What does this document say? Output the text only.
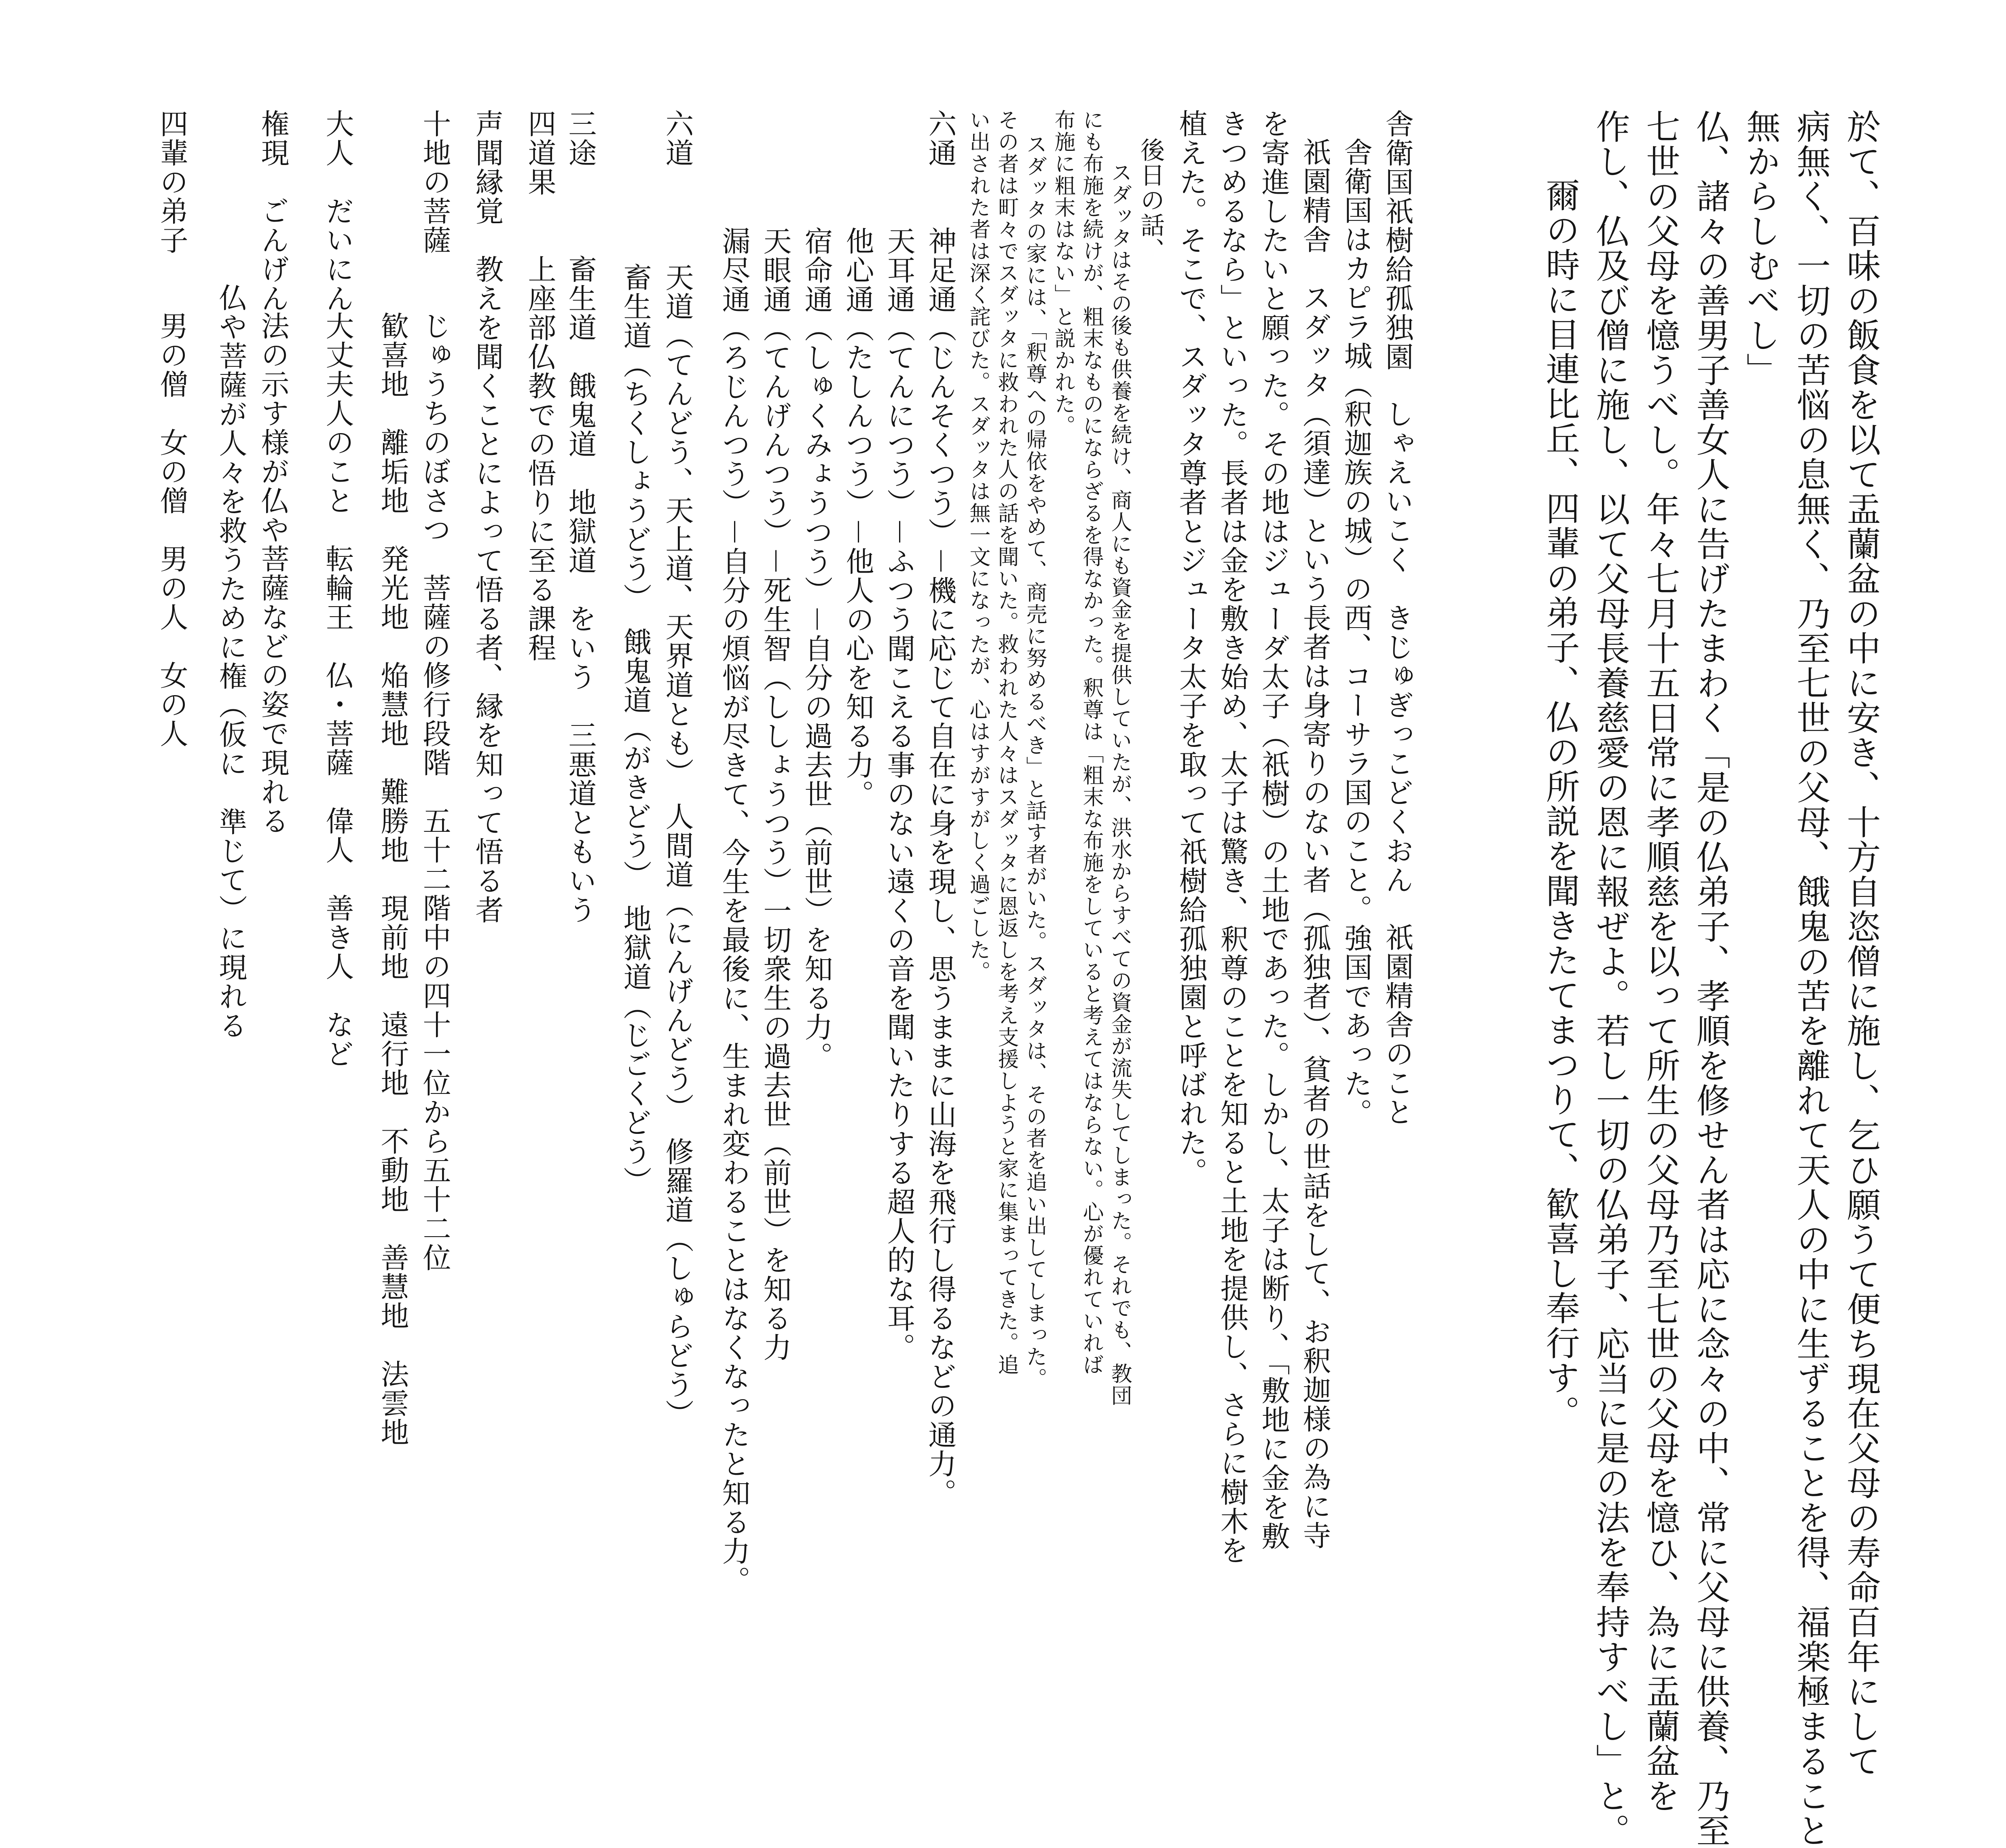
於て、百味の飯食を以て盂蘭盆の中に安き、十方自恣僧に施し、乞ひ願うて便ち現在父母の寿命百年にして
病無く、一切の苦悩の息無く、乃至七世の父母、餓鬼の苦を離れて天人の中に生ずることを得、福楽極まること
無からしむべし」
仏、諸々の善男子善女人に告げたまわく「是の仏弟子、孝順を修せん者は応に念々の中、常に父母に供養、乃至
七世の父母を憶うべし。年々七月十五日常に孝順慈を以って所生の父母乃至七世の父母を憶ひ、為に盂蘭盆を
作し、仏及び僧に施し、以て父母長養慈愛の恩に報ぜよ。若し一切の仏弟子、応当に是の法を奉持すべし」と。
爾の時に目連比丘、四輩の弟子、仏の所説を聞きたてまつりて、歓喜し奉行す。
舎衛国祇樹給孤独園しゃえいこく　きじゅぎっこどくおん祇園精舎のこと
舎衛国はカピラ城（釈迦族の城）の西、コーサラ国のこと。強国であった。
祇園精舎　スダッタ（須達）という長者は身寄りのない者（孤独者）、貧者の世話をして、お釈迦様の為に寺
を寄進したいと願った。その地はジューダ太子（祇樹）の土地であった。しかし、太子は断り、「敷地に金を敷
きつめるなら」といった。長者は金を敷き始め、太子は驚き、釈尊のことを知ると土地を提供し、さらに樹木を
植えた。そこで、スダッタ尊者とジュータ太子を取って祇樹給孤独園と呼ばれた。
後日の話、
スダッタはその後も供養を続け、商人にも資金を提供していたが、洪水からすべての資金が流失してしまった。それでも、教団
にも布施を続けが、粗末なものにならざるを得なかった。釈尊は「粗末な布施をしていると考えてはならない。心が優れていれば
布施に粗末はない」と説かれた。
スダッタの家には、「釈尊への帰依をやめて、商売に努めるべき」と話す者がいた。スダッタは、その者を追い出してしまった。
その者は町々でスダッタに救われた人の話を聞いた。救われた人々はスダッタに恩返しを考え支援しようと家に集まってきた。追
い出された者は深く詫びた。スダッタは無一文になったが、心はすがすがしく過ごした。
六通
神足通（じんそくつう）－機に応じて自在に身を現し、思うままに山海を飛行し得るなどの通力。
天耳通（てんにつう）－ふつう聞こえる事のない遠くの音を聞いたりする超人的な耳。
他心通（たしんつう）－他人の心を知る力。
宿命通（しゅくみょうつう）－自分の過去世（前世）を知る力。
天眼通（てんげんつう）－死生智（ししょうつう）一切衆生の過去世（前世）を知る力
漏尽通（ろじんつう）－自分の煩悩が尽きて、今生を最後に、生まれ変わることはなくなったと知る力。
六道
天道（てんどう、天上道、天界道とも）　人間道（にんげんどう）　修羅道（しゅらどう）
畜生道（ちくしょうどう）　餓鬼道（がきどう）　地獄道（じごくどう）
三途
畜生道　餓鬼道　地獄道　をいう　三悪道ともいう
四道果
上座部仏教での悟りに至る課程
声聞縁覚
教えを聞くことによって悟る者、縁を知って悟る者
十地の菩薩
じゅうちのぼさつ　菩薩の修行段階　五十二階中の四十一位から五十二位
歓喜地　離垢地　発光地　焔慧地　難勝地　現前地　遠行地　不動地　善慧地　法雲地
大人　だいにん
大丈夫人のこと　転輪王　仏・菩薩　偉人　善き人　など
権現　ごんげん
法の示す様が仏や菩薩などの姿で現れる
仏や菩薩が人々を救うために権（仮に　準じて）に現れる
四輩の弟子
男の僧　女の僧　男の人　女の人
